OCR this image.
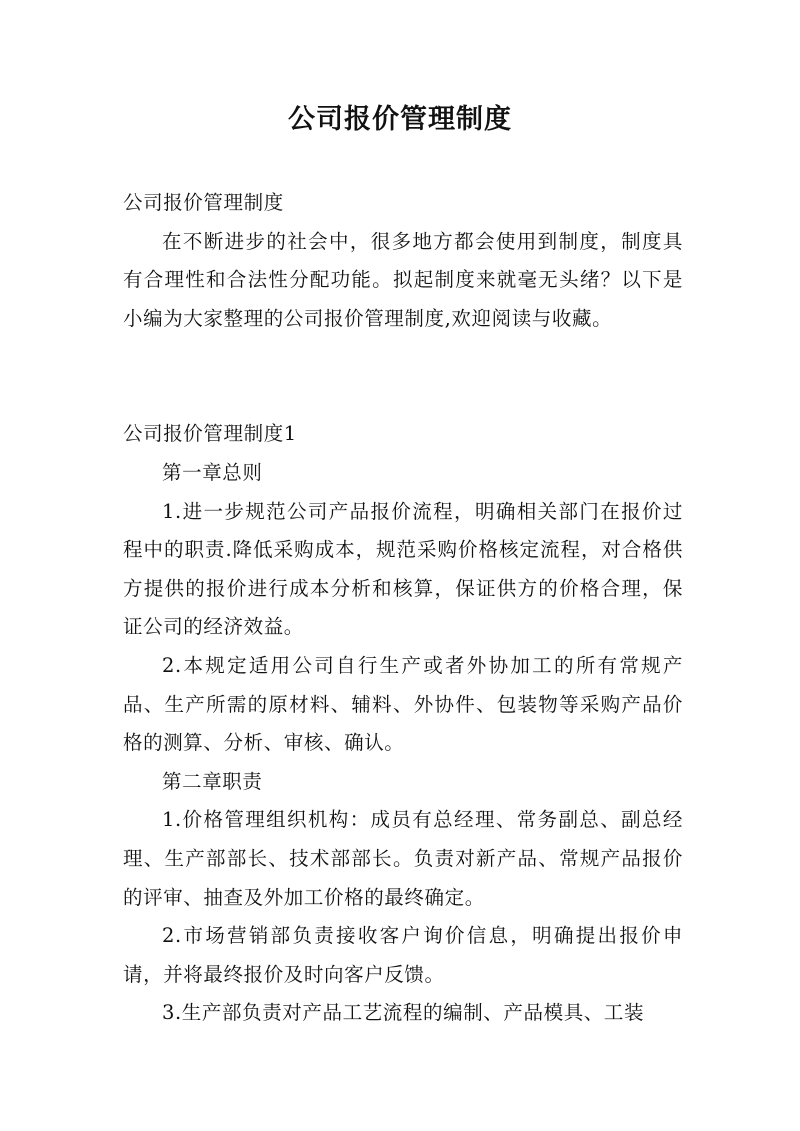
公司报价管理制度

公司报价管理制度

在不断进步的社会中，很多地方都会使用到制度，制度具有合理性和合法性分配功能。拟起制度来就毫无头绪？以下是小编为大家整理的公司报价管理制度,欢迎阅读与收藏。

公司报价管理制度1

第一章总则

1.进一步规范公司产品报价流程，明确相关部门在报价过程中的职责.降低采购成本，规范采购价格核定流程，对合格供方提供的报价进行成本分析和核算，保证供方的价格合理，保证公司的经济效益。

2.本规定适用公司自行生产或者外协加工的所有常规产品、生产所需的原材料、辅料、外协件、包装物等采购产品价格的测算、分析、审核、确认。

第二章职责

1.价格管理组织机构：成员有总经理、常务副总、副总经理、生产部部长、技术部部长。负责对新产品、常规产品报价的评审、抽查及外加工价格的最终确定。

2.市场营销部负责接收客户询价信息，明确提出报价申请，并将最终报价及时向客户反馈。

3.生产部负责对产品工艺流程的编制、产品模具、工装
